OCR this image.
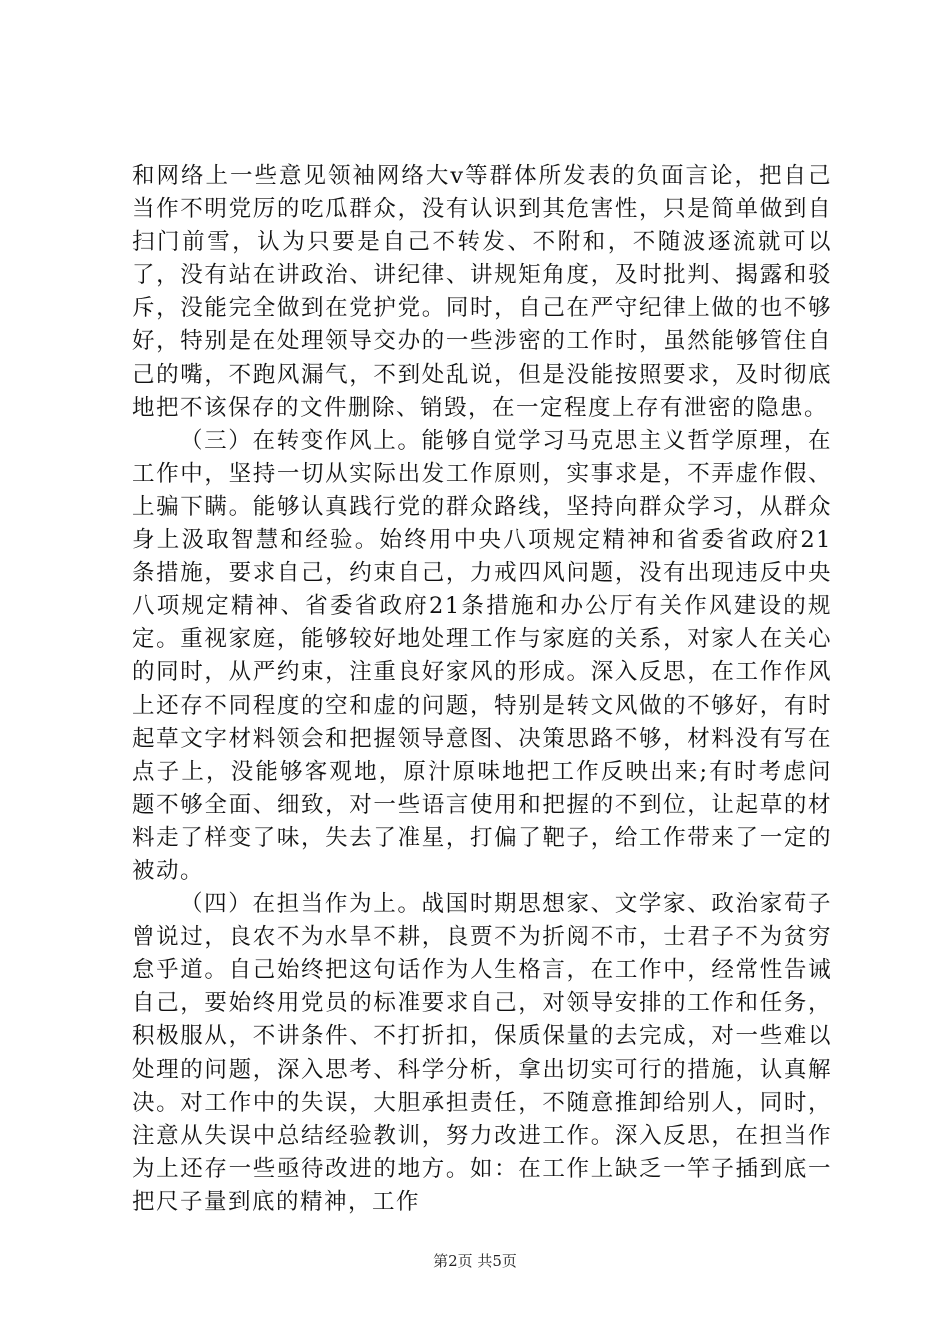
和网络上一些意见领袖网络大v等群体所发表的负面言论，把自己当作不明党厉的吃瓜群众，没有认识到其危害性，只是简单做到自扫门前雪，认为只要是自己不转发、不附和，不随波逐流就可以了，没有站在讲政治、讲纪律、讲规矩角度，及时批判、揭露和驳斥，没能完全做到在党护党。同时，自己在严守纪律上做的也不够好，特别是在处理领导交办的一些涉密的工作时，虽然能够管住自己的嘴，不跑风漏气，不到处乱说，但是没能按照要求，及时彻底地把不该保存的文件删除、销毁，在一定程度上存有泄密的隐患。

（三）在转变作风上。能够自觉学习马克思主义哲学原理，在工作中，坚持一切从实际出发工作原则，实事求是，不弄虚作假、上骗下瞒。能够认真践行党的群众路线，坚持向群众学习，从群众身上汲取智慧和经验。始终用中央八项规定精神和省委省政府21条措施，要求自己，约束自己，力戒四风问题，没有出现违反中央八项规定精神、省委省政府21条措施和办公厅有关作风建设的规定。重视家庭，能够较好地处理工作与家庭的关系，对家人在关心的同时，从严约束，注重良好家风的形成。深入反思，在工作作风上还存不同程度的空和虚的问题，特别是转文风做的不够好，有时起草文字材料领会和把握领导意图、决策思路不够，材料没有写在点子上，没能够客观地，原汁原味地把工作反映出来;有时考虑问题不够全面、细致，对一些语言使用和把握的不到位，让起草的材料走了样变了味，失去了准星，打偏了靶子，给工作带来了一定的被动。

（四）在担当作为上。战国时期思想家、文学家、政治家荀子曾说过，良农不为水旱不耕，良贾不为折阅不市，士君子不为贫穷怠乎道。自己始终把这句话作为人生格言，在工作中，经常性告诫自己，要始终用党员的标准要求自己，对领导安排的工作和任务，积极服从，不讲条件、不打折扣，保质保量的去完成，对一些难以处理的问题，深入思考、科学分析，拿出切实可行的措施，认真解决。对工作中的失误，大胆承担责任，不随意推卸给别人，同时，注意从失误中总结经验教训，努力改进工作。深入反思，在担当作为上还存一些亟待改进的地方。如：在工作上缺乏一竿子插到底一把尺子量到底的精神，工作

第2页 共5页
